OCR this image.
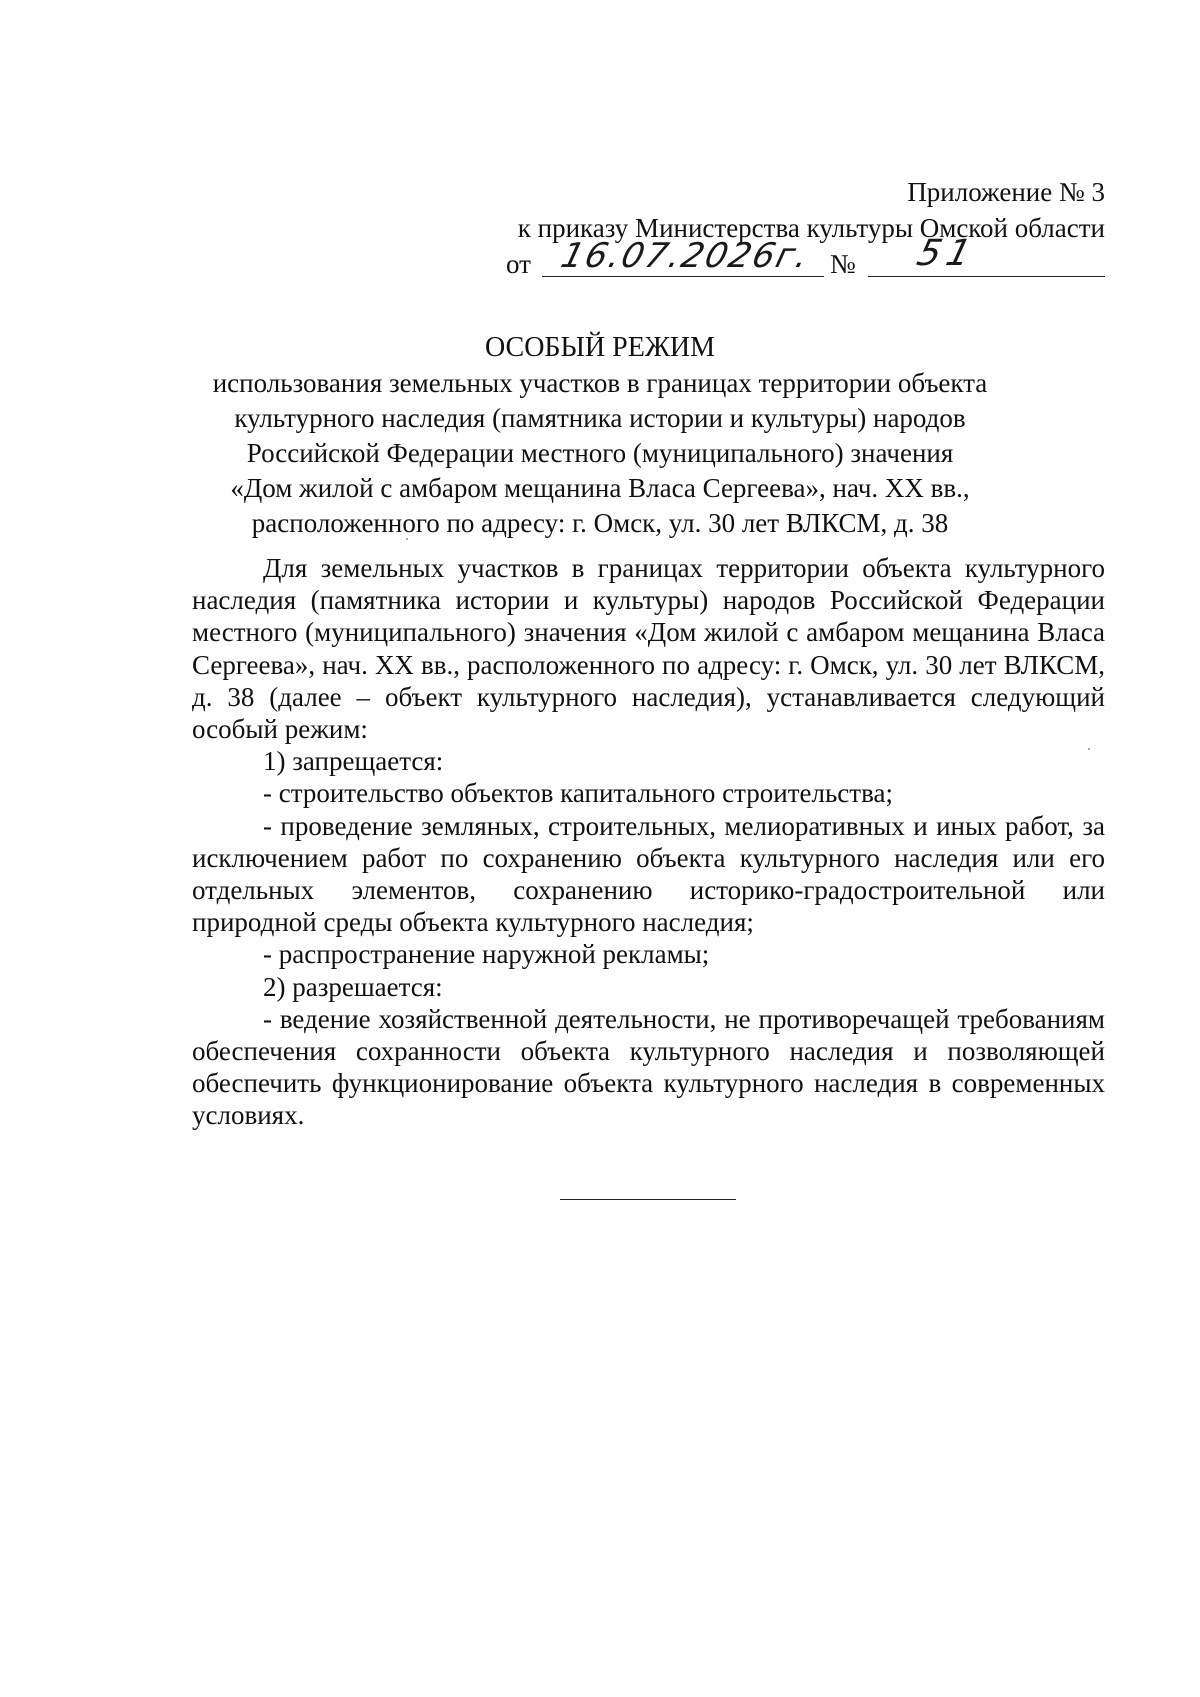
Приложение № 3
к приказу Министерства культуры Омской области
от 16.07.2026г. № 51
ОСОБЫЙ РЕЖИМ
использования земельных участков в границах территории объекта
культурного наследия (памятника истории и культуры) народов
Российской Федерации местного (муниципального) значения
«Дом жилой с амбаром мещанина Власа Сергеева», нач. XX вв.,
расположенного по адресу: г. Омск, ул. 30 лет ВЛКСМ, д. 38

Для земельных участков в границах территории объекта культурного наследия (памятника истории и культуры) народов Российской Федерации местного (муниципального) значения «Дом жилой с амбаром мещанина Власа Сергеева», нач. XX вв., расположенного по адресу: г. Омск, ул. 30 лет ВЛКСМ, д. 38 (далее – объект культурного наследия), устанавливается следующий особый режим:

1) запрещается:

- строительство объектов капитального строительства;

- проведение земляных, строительных, мелиоративных и иных работ, за исключением работ по сохранению объекта культурного наследия или его отдельных элементов, сохранению историко-градостроительной или природной среды объекта культурного наследия;

- распространение наружной рекламы;

2) разрешается:

- ведение хозяйственной деятельности, не противоречащей требованиям обеспечения сохранности объекта культурного наследия и позволяющей обеспечить функционирование объекта культурного наследия в современных условиях.
